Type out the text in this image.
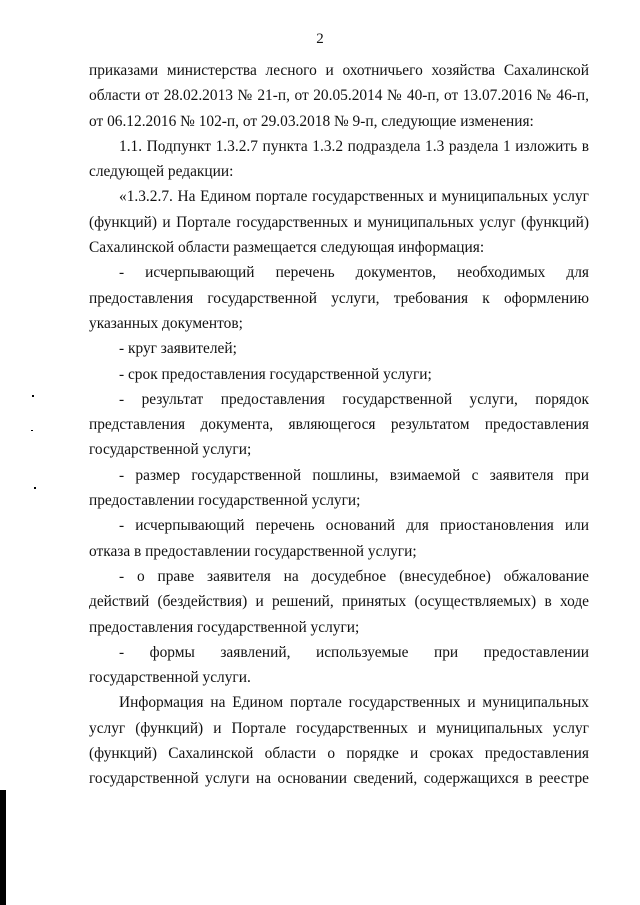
2

приказами министерства лесного и охотничьего хозяйства Сахалинской области от 28.02.2013 № 21-п, от 20.05.2014 № 40-п, от 13.07.2016 № 46-п, от 06.12.2016 № 102-п, от 29.03.2018 № 9-п, следующие изменения:

1.1. Подпункт 1.3.2.7 пункта 1.3.2 подраздела 1.3 раздела 1 изложить в следующей редакции:

«1.3.2.7. На Едином портале государственных и муниципальных услуг (функций) и Портале государственных и муниципальных услуг (функций) Сахалинской области размещается следующая информация:

- исчерпывающий перечень документов, необходимых для предоставления государственной услуги, требования к оформлению указанных документов;

- круг заявителей;

- срок предоставления государственной услуги;

- результат предоставления государственной услуги, порядок представления документа, являющегося результатом предоставления государственной услуги;

- размер государственной пошлины, взимаемой с заявителя при предоставлении государственной услуги;

- исчерпывающий перечень оснований для приостановления или отказа в предоставлении государственной услуги;

- о праве заявителя на досудебное (внесудебное) обжалование действий (бездействия) и решений, принятых (осуществляемых) в ходе предоставления государственной услуги;

- формы заявлений, используемые при предоставлении государственной услуги.

Информация на Едином портале государственных и муниципальных услуг (функций) и Портале государственных и муниципальных услуг (функций) Сахалинской области о порядке и сроках предоставления государственной услуги на основании сведений, содержащихся в реестре
